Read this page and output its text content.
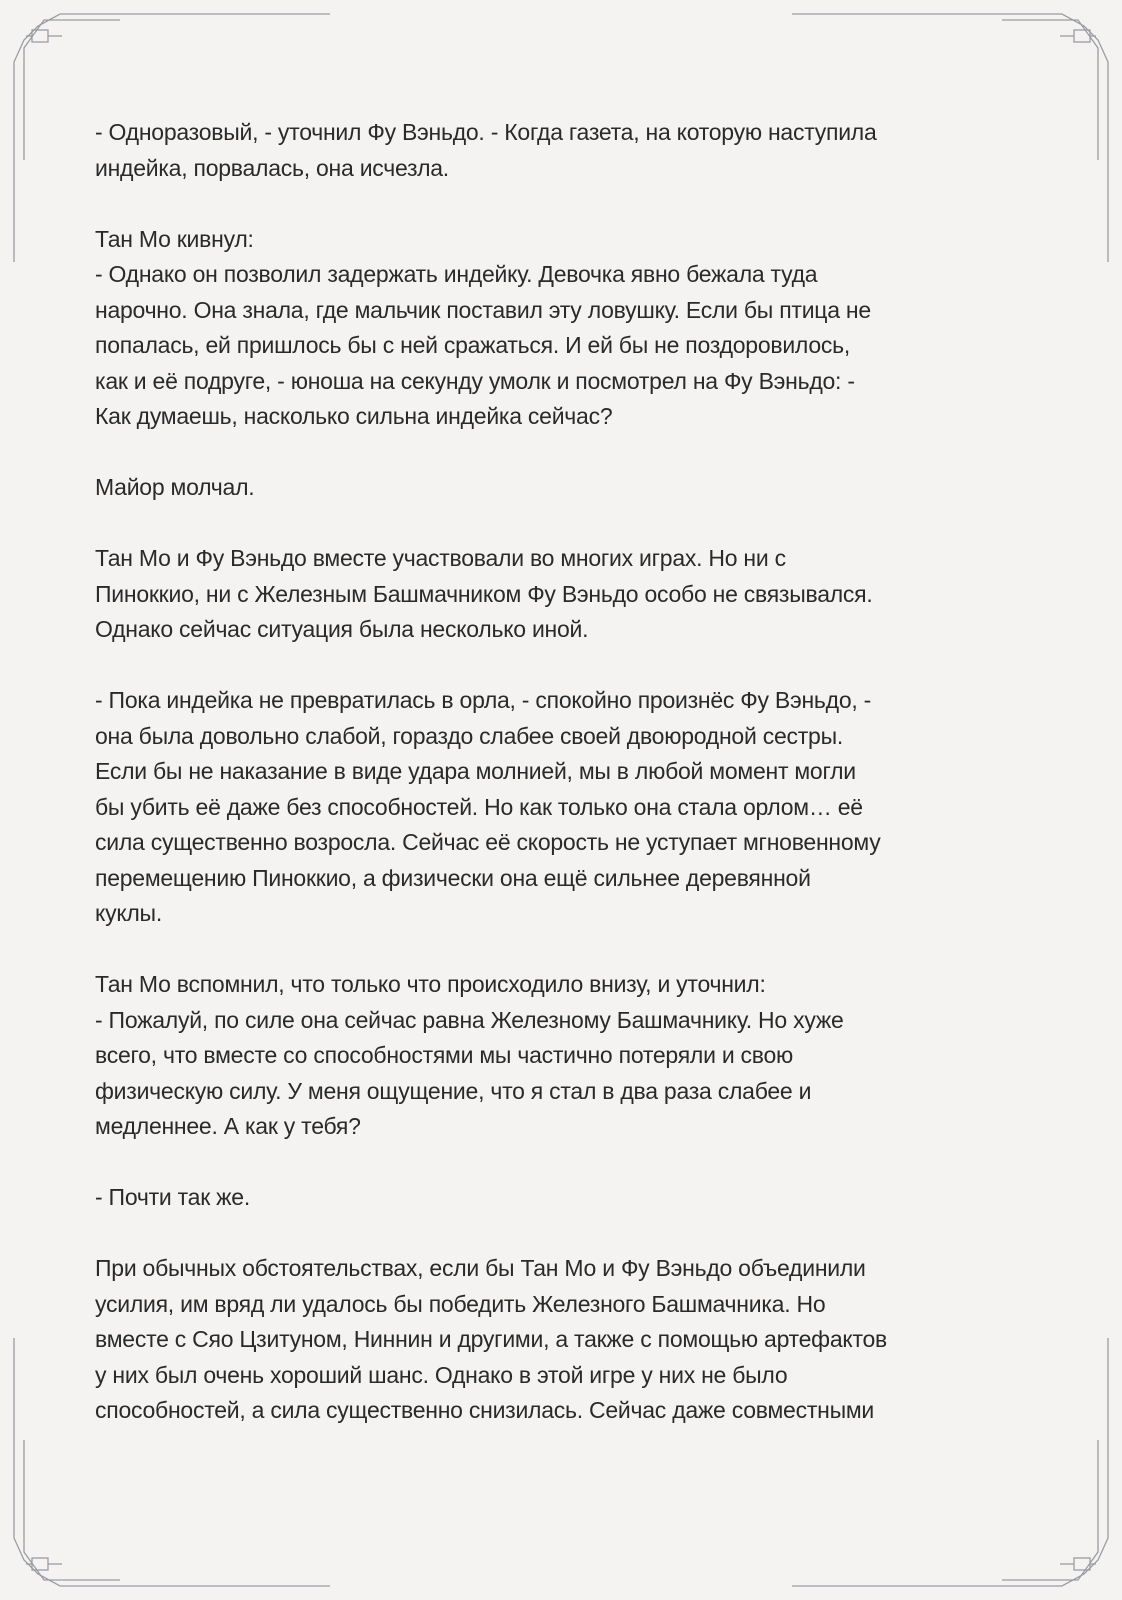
- Одноразовый, - уточнил Фу Вэньдо. - Когда газета, на которую наступила
индейка, порвалась, она исчезла.
Тан Мо кивнул:
- Однако он позволил задержать индейку. Девочка явно бежала туда
нарочно. Она знала, где мальчик поставил эту ловушку. Если бы птица не
попалась, ей пришлось бы с ней сражаться. И ей бы не поздоровилось,
как и её подруге, - юноша на секунду умолк и посмотрел на Фу Вэньдо: -
Как думаешь, насколько сильна индейка сейчас?
Майор молчал.
Тан Мо и Фу Вэньдо вместе участвовали во многих играх. Но ни с
Пиноккио, ни с Железным Башмачником Фу Вэньдо особо не связывался.
Однако сейчас ситуация была несколько иной.
- Пока индейка не превратилась в орла, - спокойно произнёс Фу Вэньдо, -
она была довольно слабой, гораздо слабее своей двоюродной сестры.
Если бы не наказание в виде удара молнией, мы в любой момент могли
бы убить её даже без способностей. Но как только она стала орлом… её
сила существенно возросла. Сейчас её скорость не уступает мгновенному
перемещению Пиноккио, а физически она ещё сильнее деревянной
куклы.
Тан Мо вспомнил, что только что происходило внизу, и уточнил:
- Пожалуй, по силе она сейчас равна Железному Башмачнику. Но хуже
всего, что вместе со способностями мы частично потеряли и свою
физическую силу. У меня ощущение, что я стал в два раза слабее и
медленнее. А как у тебя?
- Почти так же.
При обычных обстоятельствах, если бы Тан Мо и Фу Вэньдо объединили
усилия, им вряд ли удалось бы победить Железного Башмачника. Но
вместе с Сяо Цзитуном, Ниннин и другими, а также с помощью артефактов
у них был очень хороший шанс. Однако в этой игре у них не было
способностей, а сила существенно снизилась. Сейчас даже совместными
